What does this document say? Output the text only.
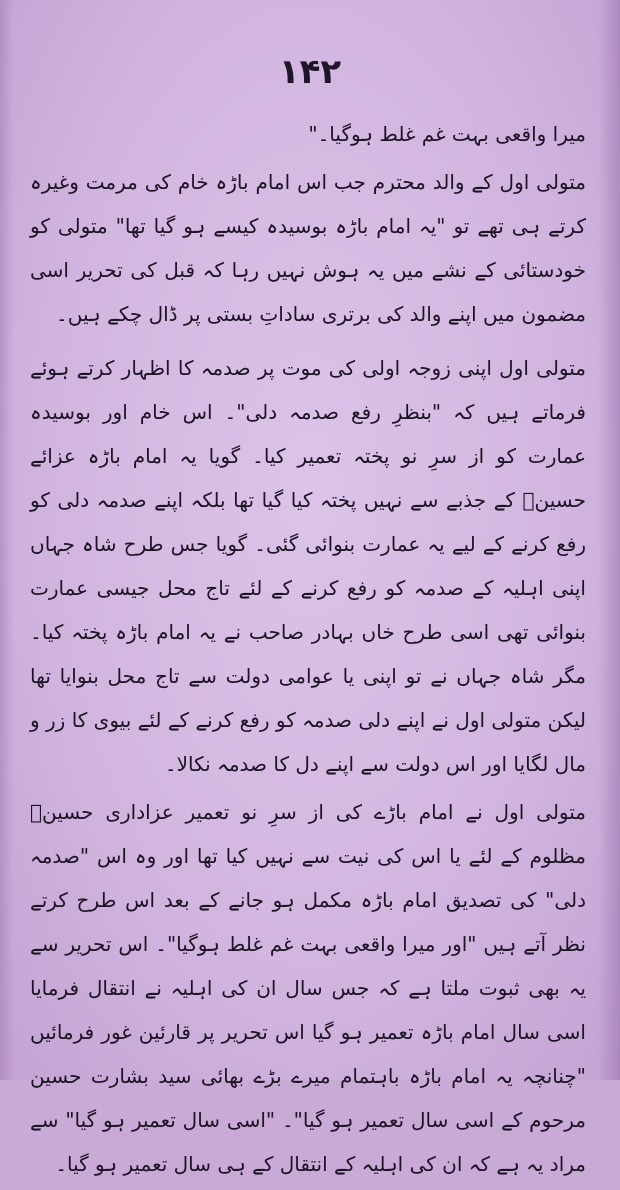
۱۴۲

میرا واقعی بہت غم غلط ہوگیا۔"

متولی اول کے والد محترم جب اس امام باڑہ خام کی مرمت وغیرہ کرتے ہی تھے تو "یہ امام باڑہ بوسیدہ کیسے ہو گیا تھا" متولی کو خودستائی کے نشے میں یہ ہوش نہیں رہا کہ قبل کی تحریر اسی مضمون میں اپنے والد کی برتری ساداتِ بستی پر ڈال چکے ہیں۔

متولی اول اپنی زوجہ اولی کی موت پر صدمہ کا اظہار کرتے ہوئے فرماتے ہیں کہ "بنظرِ رفع صدمہ دلی"۔ اس خام اور بوسیدہ عمارت کو از سرِ نو پختہ تعمیر کیا۔ گویا یہ امام باڑہ عزائے حسینؑ کے جذبے سے نہیں پختہ کیا گیا تھا بلکہ اپنے صدمہ دلی کو رفع کرنے کے لیے یہ عمارت بنوائی گئی۔ گویا جس طرح شاہ جہاں اپنی اہلیہ کے صدمہ کو رفع کرنے کے لئے تاج محل جیسی عمارت بنوائی تھی اسی طرح خاں بہادر صاحب نے یہ امام باڑہ پختہ کیا۔ مگر شاہ جہاں نے تو اپنی یا عوامی دولت سے تاج محل بنوایا تھا لیکن متولی اول نے اپنے دلی صدمہ کو رفع کرنے کے لئے بیوی کا زر و مال لگایا اور اس دولت سے اپنے دل کا صدمہ نکالا۔

متولی اول نے امام باڑے کی از سرِ نو تعمیر عزاداری حسینؑ مظلوم کے لئے یا اس کی نیت سے نہیں کیا تھا اور وہ اس "صدمہ دلی" کی تصدیق امام باڑہ مکمل ہو جانے کے بعد اس طرح کرتے نظر آتے ہیں "اور میرا واقعی بہت غم غلط ہوگیا"۔ اس تحریر سے یہ بھی ثبوت ملتا ہے کہ جس سال ان کی اہلیہ نے انتقال فرمایا اسی سال امام باڑہ تعمیر ہو گیا اس تحریر پر قارئین غور فرمائیں "چنانچہ یہ امام باڑہ باہتمام میرے بڑے بھائی سید بشارت حسین مرحوم کے اسی سال تعمیر ہو گیا"۔ "اسی سال تعمیر ہو گیا" سے مراد یہ ہے کہ ان کی اہلیہ کے انتقال کے ہی سال تعمیر ہو گیا۔
